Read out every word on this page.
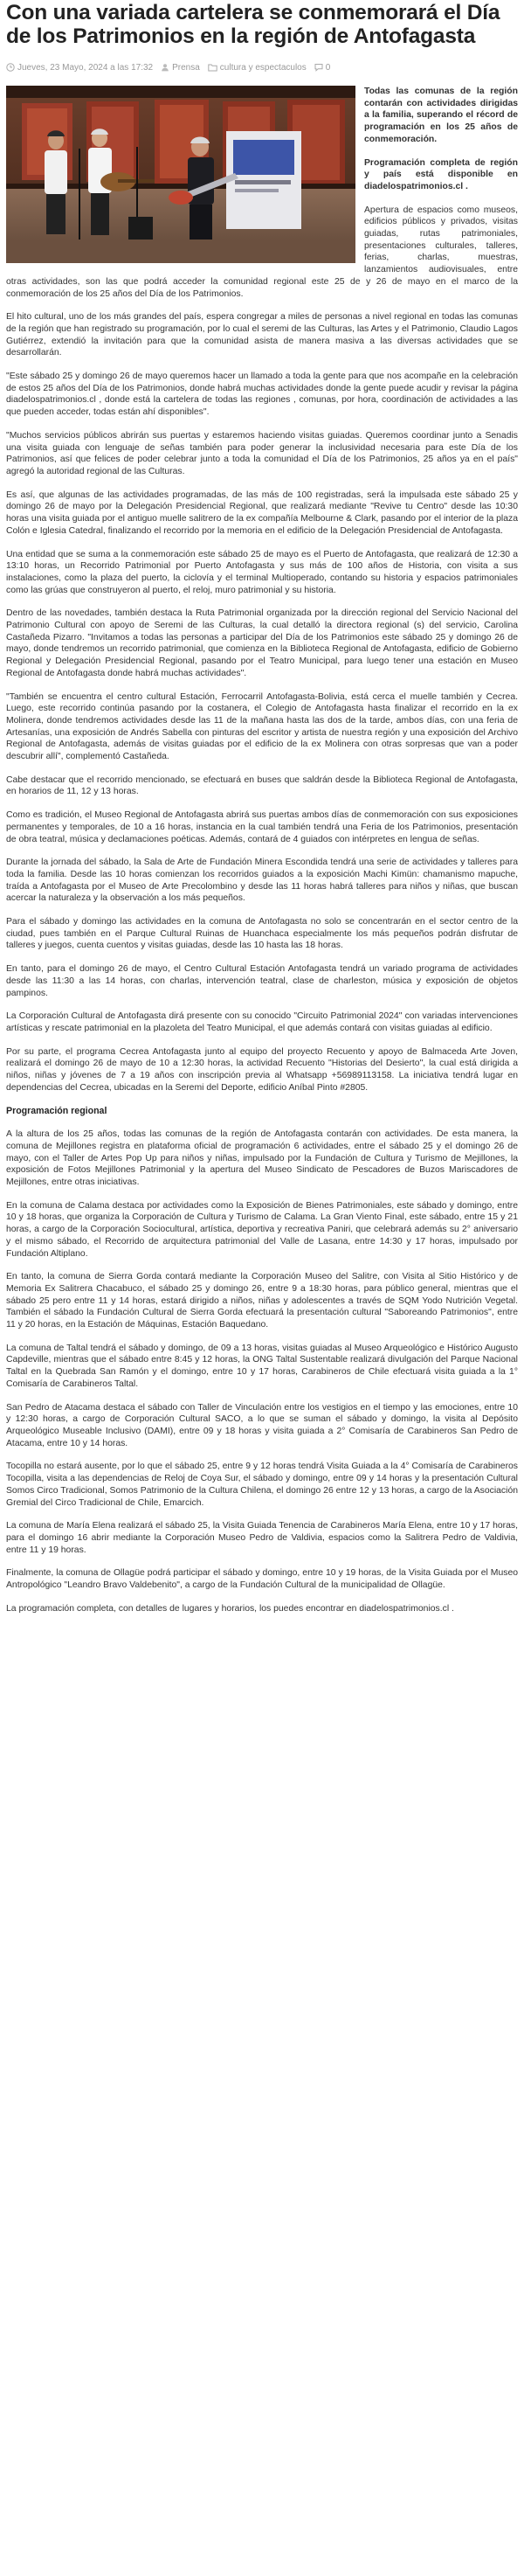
Con una variada cartelera se conmemorará el Día de los Patrimonios en la región de Antofagasta
Jueves, 23 Mayo, 2024 a las 17:32 Prensa cultura y espectaculos 0

Todas las comunas de la región contarán con actividades dirigidas a la familia, superando el récord de programación en los 25 años de conmemoración.

Programación completa de región y país está disponible en diadelospatrimonios.cl .

Apertura de espacios como museos, edificios públicos y privados, visitas guiadas, rutas patrimoniales, presentaciones culturales, talleres, ferias, charlas, muestras, lanzamientos audiovisuales, entre otras actividades, son las que podrá acceder la comunidad regional este 25 de y 26 de mayo en el marco de la conmemoración de los 25 años del Día de los Patrimonios.

El hito cultural, uno de los más grandes del país, espera congregar a miles de personas a nivel regional en todas las comunas de la región que han registrado su programación, por lo cual el seremi de las Culturas, las Artes y el Patrimonio, Claudio Lagos Gutiérrez, extendió la invitación para que la comunidad asista de manera masiva a las diversas actividades que se desarrollarán.

"Este sábado 25 y domingo 26 de mayo queremos hacer un llamado a toda la gente para que nos acompañe en la celebración de estos 25 años del Día de los Patrimonios, donde habrá muchas actividades donde la gente puede acudir y revisar la página diadelospatrimonios.cl , donde está la cartelera de todas las regiones , comunas, por hora, coordinación de actividades a las que pueden acceder, todas están ahí disponibles".

"Muchos servicios públicos abrirán sus puertas y estaremos haciendo visitas guiadas. Queremos coordinar junto a Senadis una visita guiada con lenguaje de señas también para poder generar la inclusividad necesaria para este Día de los Patrimonios, así que felices de poder celebrar junto a toda la comunidad el Día de los Patrimonios, 25 años ya en el país" agregó la autoridad regional de las Culturas.

Es así, que algunas de las actividades programadas, de las más de 100 registradas, será la impulsada este sábado 25 y domingo 26 de mayo por la Delegación Presidencial Regional, que realizará mediante "Revive tu Centro" desde las 10:30 horas una visita guiada por el antiguo muelle salitrero de la ex compañía Melbourne & Clark, pasando por el interior de la plaza Colón e Iglesia Catedral, finalizando el recorrido por la memoria en el edificio de la Delegación Presidencial de Antofagasta.

Una entidad que se suma a la conmemoración este sábado 25 de mayo es el Puerto de Antofagasta, que realizará de 12:30 a 13:10 horas, un Recorrido Patrimonial por Puerto Antofagasta y sus más de 100 años de Historia, con visita a sus instalaciones, como la plaza del puerto, la ciclovía y el terminal Multioperado, contando su historia y espacios patrimoniales como las grúas que construyeron al puerto, el reloj, muro patrimonial y su historia.

Dentro de las novedades, también destaca la Ruta Patrimonial organizada por la dirección regional del Servicio Nacional del Patrimonio Cultural con apoyo de Seremi de las Culturas, la cual detalló la directora regional (s) del servicio, Carolina Castañeda Pizarro. "Invitamos a todas las personas a participar del Día de los Patrimonios este sábado 25 y domingo 26 de mayo, donde tendremos un recorrido patrimonial, que comienza en la Biblioteca Regional de Antofagasta, edificio de Gobierno Regional y Delegación Presidencial Regional, pasando por el Teatro Municipal, para luego tener una estación en Museo Regional de Antofagasta donde habrá muchas actividades".

"También se encuentra el centro cultural Estación, Ferrocarril Antofagasta-Bolivia, está cerca el muelle también y Cecrea. Luego, este recorrido continúa pasando por la costanera, el Colegio de Antofagasta hasta finalizar el recorrido en la ex Molinera, donde tendremos actividades desde las 11 de la mañana hasta las dos de la tarde, ambos días, con una feria de Artesanías, una exposición de Andrés Sabella con pinturas del escritor y artista de nuestra región y una exposición del Archivo Regional de Antofagasta, además de visitas guiadas por el edificio de la ex Molinera con otras sorpresas que van a poder descubrir allí", complementó Castañeda.

Cabe destacar que el recorrido mencionado, se efectuará en buses que saldrán desde la Biblioteca Regional de Antofagasta, en horarios de 11, 12 y 13 horas.

Como es tradición, el Museo Regional de Antofagasta abrirá sus puertas ambos días de conmemoración con sus exposiciones permanentes y temporales, de 10 a 16 horas, instancia en la cual también tendrá una Feria de los Patrimonios, presentación de obra teatral, música y declamaciones poéticas. Además, contará de 4 guiados con intérpretes en lengua de señas.

Durante la jornada del sábado, la Sala de Arte de Fundación Minera Escondida tendrá una serie de actividades y talleres para toda la familia. Desde las 10 horas comienzan los recorridos guiados a la exposición Machi Kimün: chamanismo mapuche, traída a Antofagasta por el Museo de Arte Precolombino y desde las 11 horas habrá talleres para niños y niñas, que buscan acercar la naturaleza y la observación a los más pequeños.

Para el sábado y domingo las actividades en la comuna de Antofagasta no solo se concentrarán en el sector centro de la ciudad, pues también en el Parque Cultural Ruinas de Huanchaca especialmente los más pequeños podrán disfrutar de talleres y juegos, cuenta cuentos y visitas guiadas, desde las 10 hasta las 18 horas.

En tanto, para el domingo 26 de mayo, el Centro Cultural Estación Antofagasta tendrá un variado programa de actividades desde las 11:30 a las 14 horas, con charlas, intervención teatral, clase de charleston, música y exposición de objetos pampinos.

La Corporación Cultural de Antofagasta dirá presente con su conocido "Circuito Patrimonial 2024" con variadas intervenciones artísticas y rescate patrimonial en la plazoleta del Teatro Municipal, el que además contará con visitas guiadas al edificio.

Por su parte, el programa Cecrea Antofagasta junto al equipo del proyecto Recuento y apoyo de Balmaceda Arte Joven, realizará el domingo 26 de mayo de 10 a 12:30 horas, la actividad Recuento "Historias del Desierto", la cual está dirigida a niños, niñas y jóvenes de 7 a 19 años con inscripción previa al Whatsapp +56989113158. La iniciativa tendrá lugar en dependencias del Cecrea, ubicadas en la Seremi del Deporte, edificio Aníbal Pinto #2805.

Programación regional

A la altura de los 25 años, todas las comunas de la región de Antofagasta contarán con actividades. De esta manera, la comuna de Mejillones registra en plataforma oficial de programación 6 actividades, entre el sábado 25 y el domingo 26 de mayo, con el Taller de Artes Pop Up para niños y niñas, impulsado por la Fundación de Cultura y Turismo de Mejillones, la exposición de Fotos Mejillones Patrimonial y la apertura del Museo Sindicato de Pescadores de Buzos Mariscadores de Mejillones, entre otras iniciativas.

En la comuna de Calama destaca por actividades como la Exposición de Bienes Patrimoniales, este sábado y domingo, entre 10 y 18 horas, que organiza la Corporación de Cultura y Turismo de Calama. La Gran Viento Final, este sábado, entre 15 y 21 horas, a cargo de la Corporación Sociocultural, artística, deportiva y recreativa Paniri, que celebrará además su 2° aniversario y el mismo sábado, el Recorrido de arquitectura patrimonial del Valle de Lasana, entre 14:30 y 17 horas, impulsado por Fundación Altiplano.

En tanto, la comuna de Sierra Gorda contará mediante la Corporación Museo del Salitre, con Visita al Sitio Histórico y de Memoria Ex Salitrera Chacabuco, el sábado 25 y domingo 26, entre 9 a 18:30 horas, para público general, mientras que el sábado 25 pero entre 11 y 14 horas, estará dirigido a niños, niñas y adolescentes a través de SQM Yodo Nutrición Vegetal. También el sábado la Fundación Cultural de Sierra Gorda efectuará la presentación cultural "Saboreando Patrimonios", entre 11 y 20 horas, en la Estación de Máquinas, Estación Baquedano.

La comuna de Taltal tendrá el sábado y domingo, de 09 a 13 horas, visitas guiadas al Museo Arqueológico e Histórico Augusto Capdeville, mientras que el sábado entre 8:45 y 12 horas, la ONG Taltal Sustentable realizará divulgación del Parque Nacional Taltal en la Quebrada San Ramón y el domingo, entre 10 y 17 horas, Carabineros de Chile efectuará visita guiada a la 1° Comisaría de Carabineros Taltal.

San Pedro de Atacama destaca el sábado con Taller de Vinculación entre los vestigios en el tiempo y las emociones, entre 10 y 12:30 horas, a cargo de Corporación Cultural SACO, a lo que se suman el sábado y domingo, la visita al Depósito Arqueológico Museable Inclusivo (DAMI), entre 09 y 18 horas y visita guiada a 2° Comisaría de Carabineros San Pedro de Atacama, entre 10 y 14 horas.

Tocopilla no estará ausente, por lo que el sábado 25, entre 9 y 12 horas tendrá Visita Guiada a la 4° Comisaría de Carabineros Tocopilla, visita a las dependencias de Reloj de Coya Sur, el sábado y domingo, entre 09 y 14 horas y la presentación Cultural Somos Circo Tradicional, Somos Patrimonio de la Cultura Chilena, el domingo 26 entre 12 y 13 horas, a cargo de la Asociación Gremial del Circo Tradicional de Chile, Emarcich.

La comuna de María Elena realizará el sábado 25, la Visita Guiada Tenencia de Carabineros María Elena, entre 10 y 17 horas, para el domingo 16 abrir mediante la Corporación Museo Pedro de Valdivia, espacios como la Salitrera Pedro de Valdivia, entre 11 y 19 horas.

Finalmente, la comuna de Ollagüe podrá participar el sábado y domingo, entre 10 y 19 horas, de la Visita Guiada por el Museo Antropológico "Leandro Bravo Valdebenito", a cargo de la Fundación Cultural de la municipalidad de Ollagüe.

La programación completa, con detalles de lugares y horarios, los puedes encontrar en diadelospatrimonios.cl .
